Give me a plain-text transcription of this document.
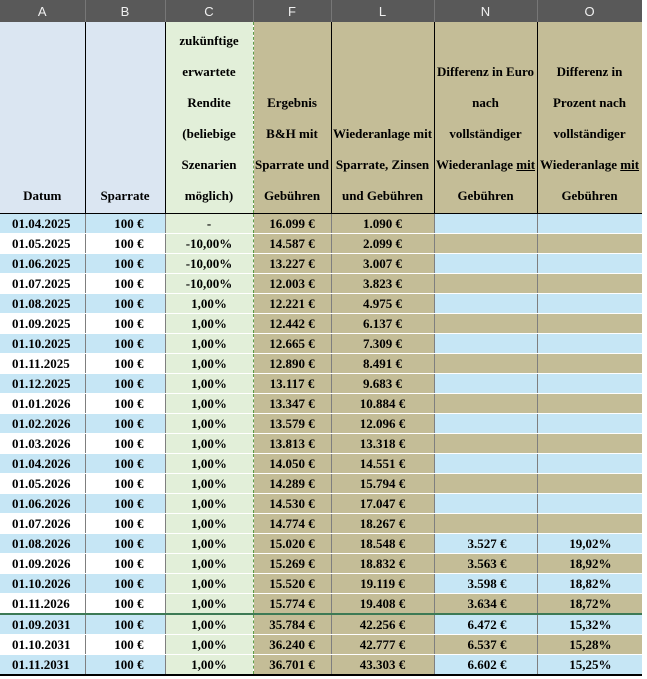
A	B	C	F	L	N	O

Datum	Sparrate	zukünftige erwartete Rendite (beliebige Szenarien möglich)	Ergebnis B&H mit Sparrate und Gebühren	Wiederanlage mit Sparrate, Zinsen und Gebühren	Differenz in Euro nach vollständiger Wiederanlage mit Gebühren	Differenz in Prozent nach vollständiger Wiederanlage mit Gebühren

01.04.2025	100 €	-	16.099 €	1.090 €		
01.05.2025	100 €	-10,00%	14.587 €	2.099 €		
01.06.2025	100 €	-10,00%	13.227 €	3.007 €		
01.07.2025	100 €	-10,00%	12.003 €	3.823 €		
01.08.2025	100 €	1,00%	12.221 €	4.975 €		
01.09.2025	100 €	1,00%	12.442 €	6.137 €		
01.10.2025	100 €	1,00%	12.665 €	7.309 €		
01.11.2025	100 €	1,00%	12.890 €	8.491 €		
01.12.2025	100 €	1,00%	13.117 €	9.683 €		
01.01.2026	100 €	1,00%	13.347 €	10.884 €		
01.02.2026	100 €	1,00%	13.579 €	12.096 €		
01.03.2026	100 €	1,00%	13.813 €	13.318 €		
01.04.2026	100 €	1,00%	14.050 €	14.551 €		
01.05.2026	100 €	1,00%	14.289 €	15.794 €		
01.06.2026	100 €	1,00%	14.530 €	17.047 €		
01.07.2026	100 €	1,00%	14.774 €	18.267 €		
01.08.2026	100 €	1,00%	15.020 €	18.548 €	3.527 €	19,02%
01.09.2026	100 €	1,00%	15.269 €	18.832 €	3.563 €	18,92%
01.10.2026	100 €	1,00%	15.520 €	19.119 €	3.598 €	18,82%
01.11.2026	100 €	1,00%	15.774 €	19.408 €	3.634 €	18,72%
01.09.2031	100 €	1,00%	35.784 €	42.256 €	6.472 €	15,32%
01.10.2031	100 €	1,00%	36.240 €	42.777 €	6.537 €	15,28%
01.11.2031	100 €	1,00%	36.701 €	43.303 €	6.602 €	15,25%
